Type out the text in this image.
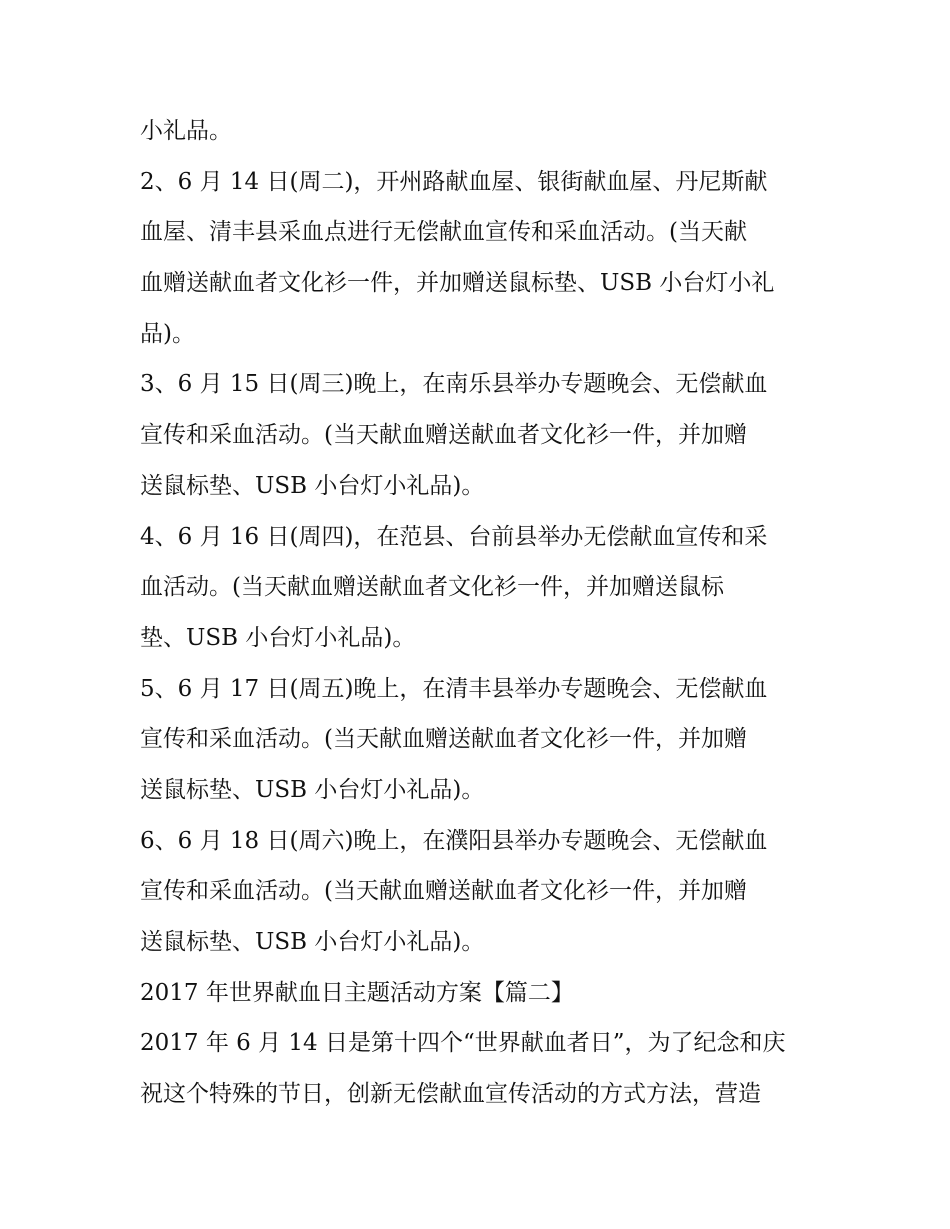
小礼品。
2、6 月 14 日(周二)，开州路献血屋、银街献血屋、丹尼斯献
血屋、清丰县采血点进行无偿献血宣传和采血活动。(当天献
血赠送献血者文化衫一件，并加赠送鼠标垫、USB 小台灯小礼
品)。
3、6 月 15 日(周三)晚上，在南乐县举办专题晚会、无偿献血
宣传和采血活动。(当天献血赠送献血者文化衫一件，并加赠
送鼠标垫、USB 小台灯小礼品)。
4、6 月 16 日(周四)，在范县、台前县举办无偿献血宣传和采
血活动。(当天献血赠送献血者文化衫一件，并加赠送鼠标
垫、USB 小台灯小礼品)。
5、6 月 17 日(周五)晚上，在清丰县举办专题晚会、无偿献血
宣传和采血活动。(当天献血赠送献血者文化衫一件，并加赠
送鼠标垫、USB 小台灯小礼品)。
6、6 月 18 日(周六)晚上，在濮阳县举办专题晚会、无偿献血
宣传和采血活动。(当天献血赠送献血者文化衫一件，并加赠
送鼠标垫、USB 小台灯小礼品)。
2017 年世界献血日主题活动方案【篇二】
2017 年 6 月 14 日是第十四个“世界献血者日”，为了纪念和庆
祝这个特殊的节日，创新无偿献血宣传活动的方式方法，营造
